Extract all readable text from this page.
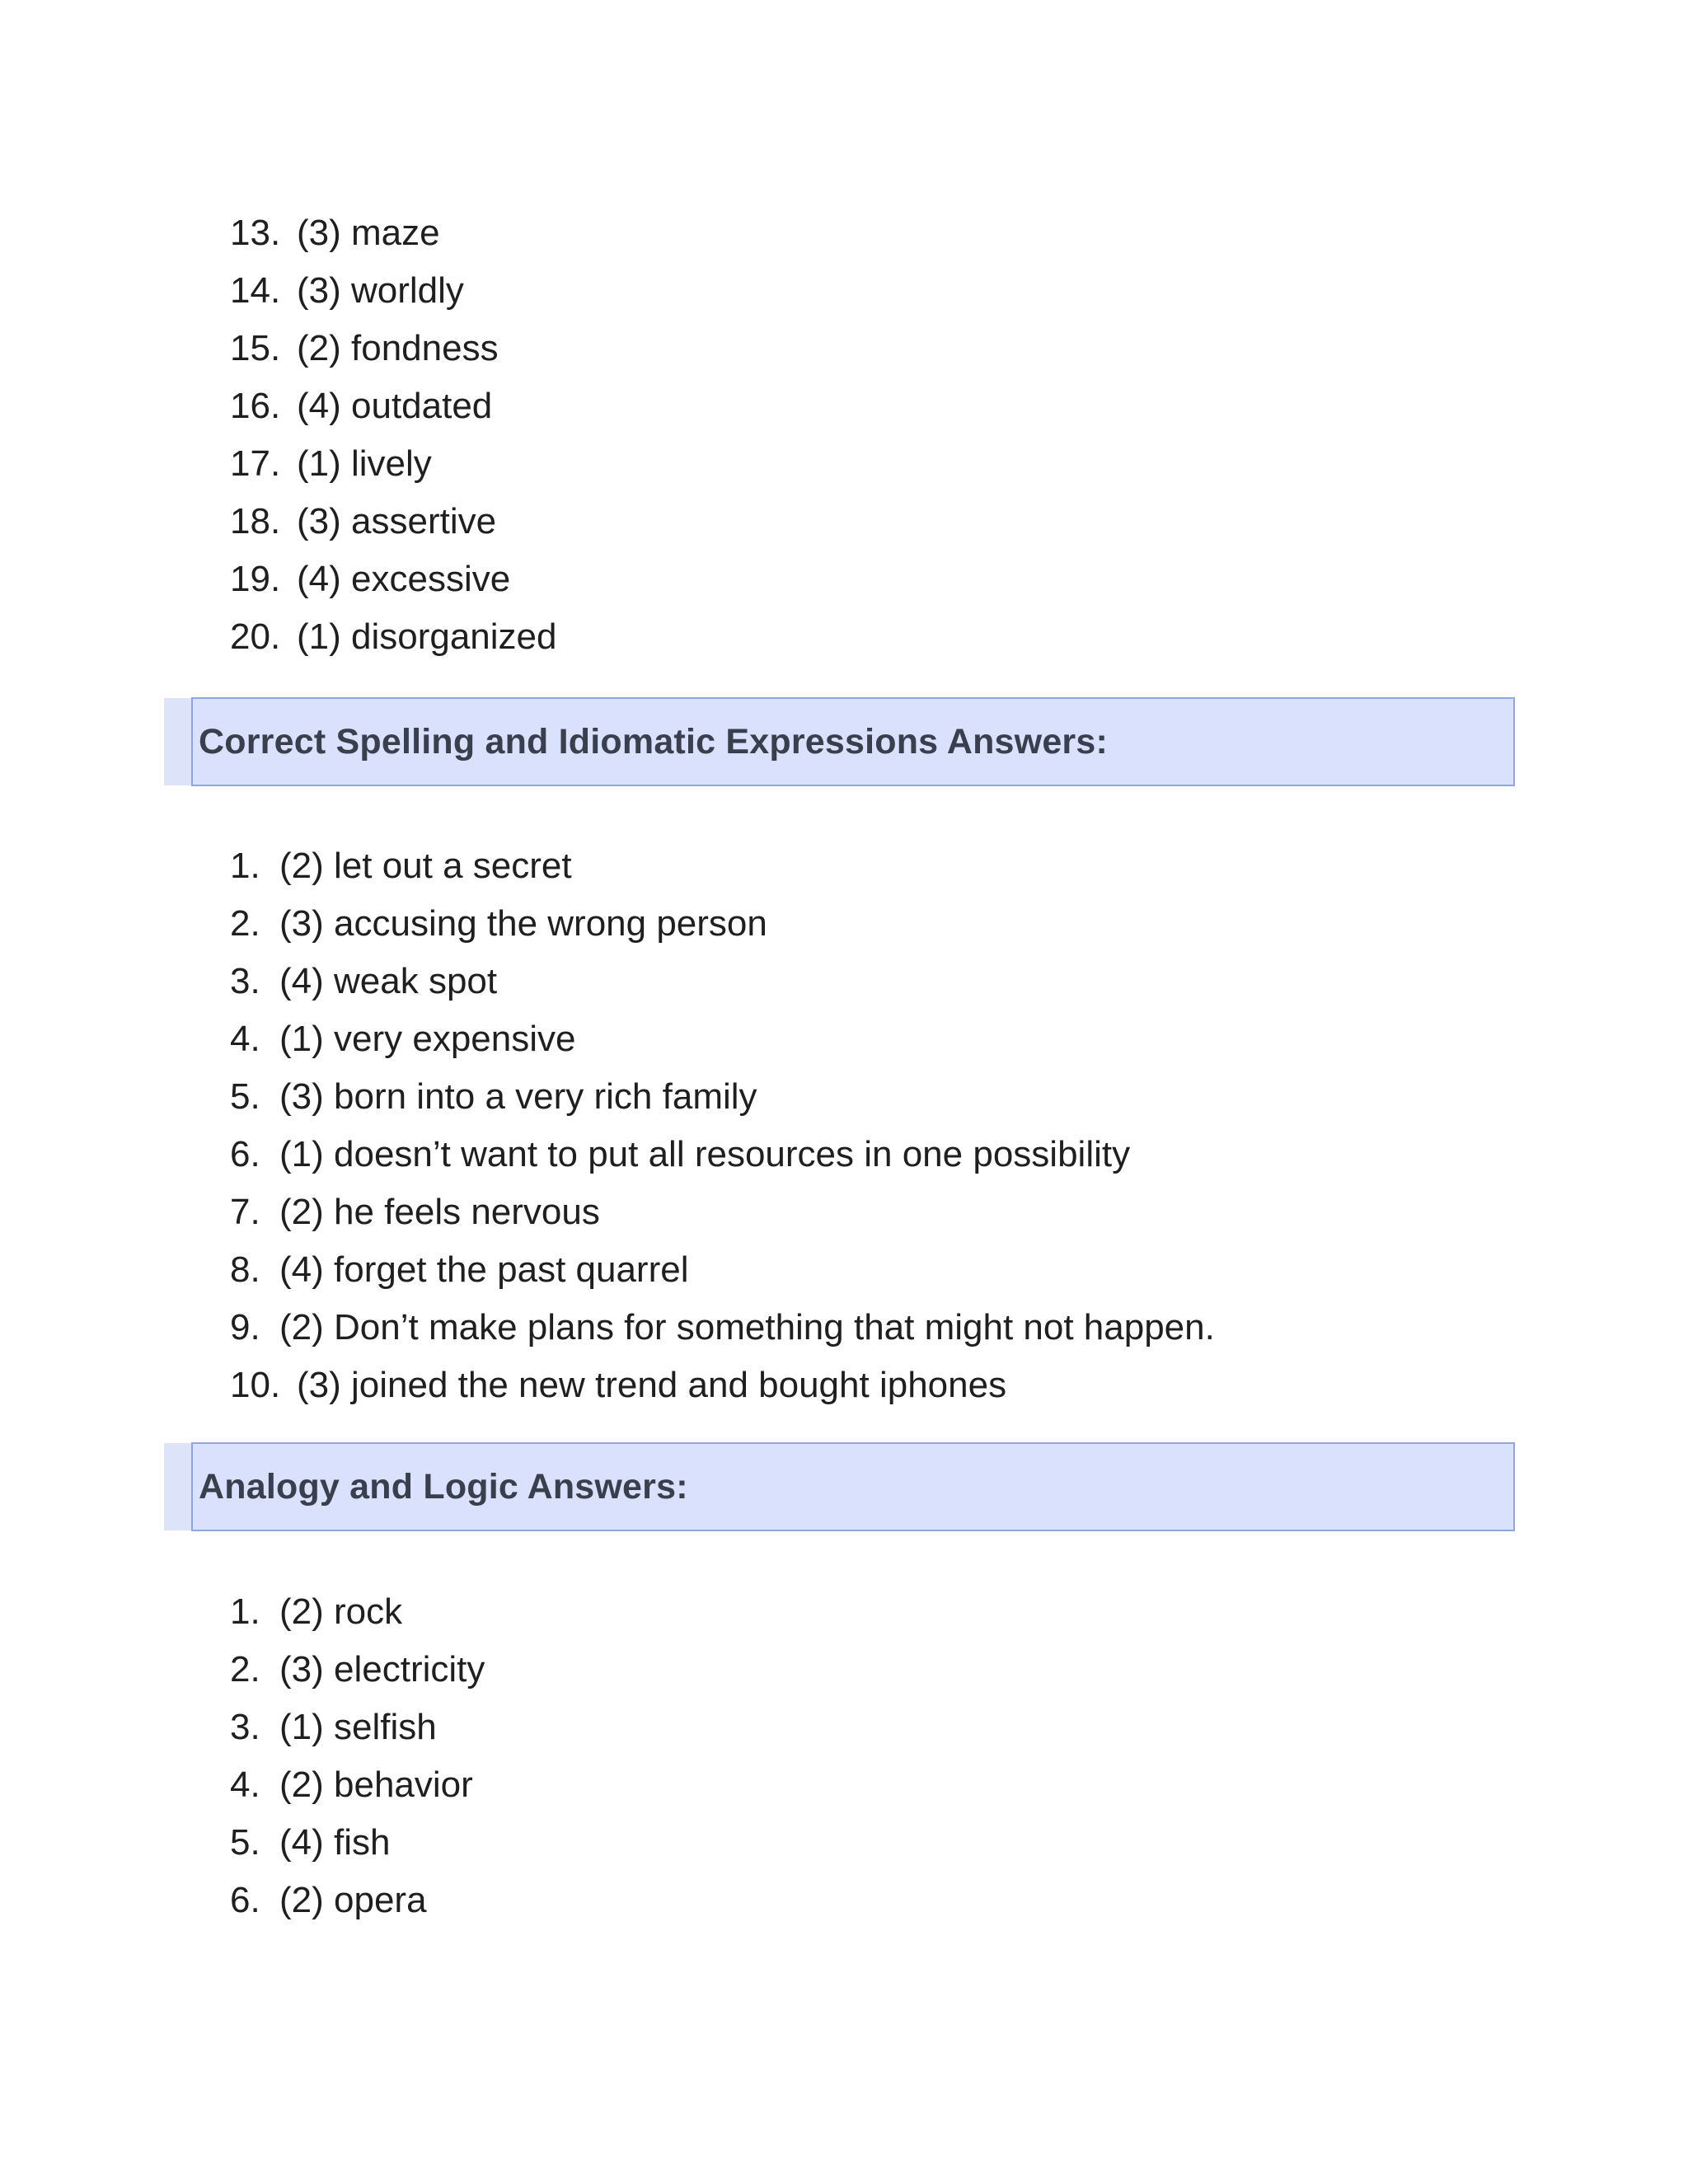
13. (3) maze
14. (3) worldly
15. (2) fondness
16. (4) outdated
17. (1) lively
18. (3) assertive
19. (4) excessive
20. (1) disorganized
Correct Spelling and Idiomatic Expressions Answers:
1. (2) let out a secret
2. (3) accusing the wrong person
3. (4) weak spot
4. (1) very expensive
5. (3) born into a very rich family
6. (1) doesn’t want to put all resources in one possibility
7. (2) he feels nervous
8. (4) forget the past quarrel
9. (2) Don’t make plans for something that might not happen.
10. (3) joined the new trend and bought iphones
Analogy and Logic Answers:
1. (2) rock
2. (3) electricity
3. (1) selfish
4. (2) behavior
5. (4) fish
6. (2) opera
